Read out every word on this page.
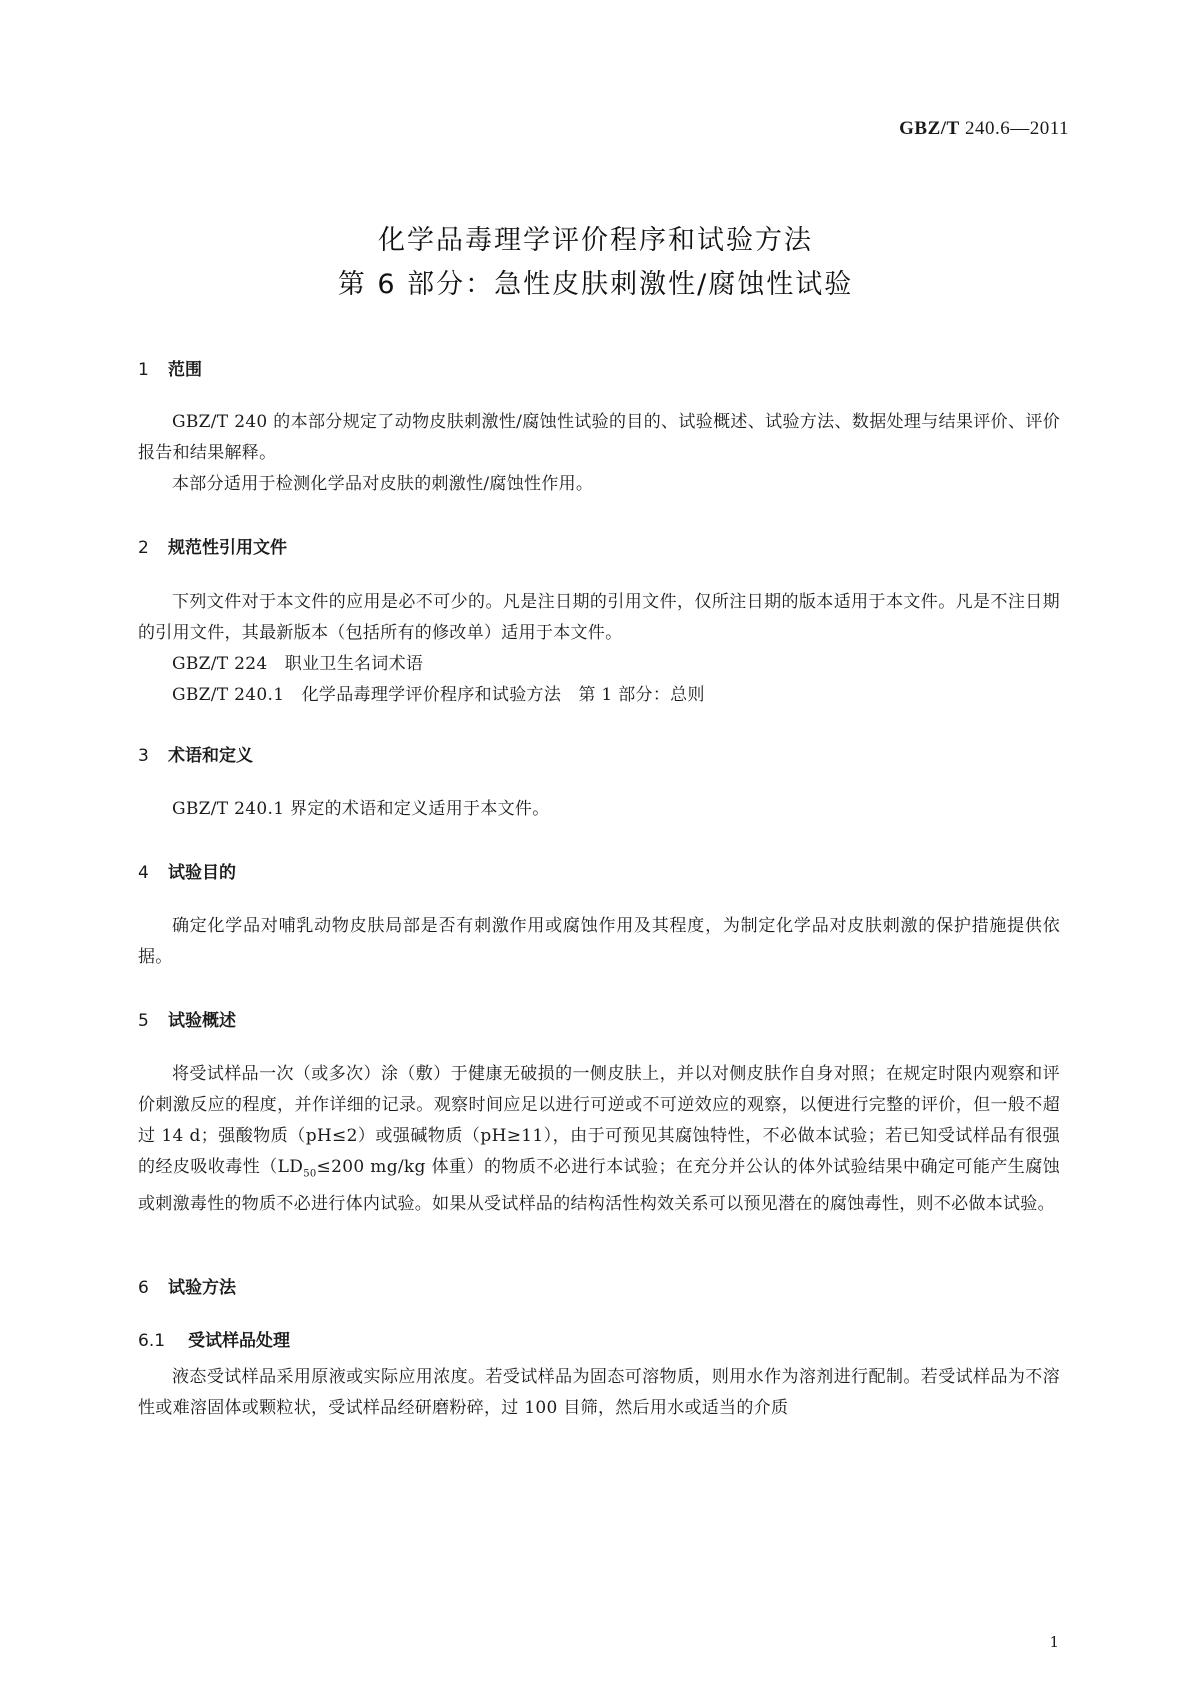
GBZ/T 240.6—2011
化学品毒理学评价程序和试验方法
第 6 部分：急性皮肤刺激性/腐蚀性试验
1 范围
GBZ/T 240 的本部分规定了动物皮肤刺激性/腐蚀性试验的目的、试验概述、试验方法、数据处理与结果评价、评价报告和结果解释。
本部分适用于检测化学品对皮肤的刺激性/腐蚀性作用。
2 规范性引用文件
下列文件对于本文件的应用是必不可少的。凡是注日期的引用文件，仅所注日期的版本适用于本文件。凡是不注日期的引用文件，其最新版本（包括所有的修改单）适用于本文件。
GBZ/T 224　职业卫生名词术语
GBZ/T 240.1　化学品毒理学评价程序和试验方法　第 1 部分：总则
3 术语和定义
GBZ/T 240.1 界定的术语和定义适用于本文件。
4 试验目的
确定化学品对哺乳动物皮肤局部是否有刺激作用或腐蚀作用及其程度，为制定化学品对皮肤刺激的保护措施提供依据。
5 试验概述
将受试样品一次（或多次）涂（敷）于健康无破损的一侧皮肤上，并以对侧皮肤作自身对照；在规定时限内观察和评价刺激反应的程度，并作详细的记录。观察时间应足以进行可逆或不可逆效应的观察，以便进行完整的评价，但一般不超过 14 d；强酸物质（pH≤2）或强碱物质（pH≥11），由于可预见其腐蚀特性，不必做本试验；若已知受试样品有很强的经皮吸收毒性（$LD_{50}\le 200$ mg/kg 体重）的物质不必进行本试验；在充分并公认的体外试验结果中确定可能产生腐蚀或刺激毒性的物质不必进行体内试验。如果从受试样品的结构活性构效关系可以预见潜在的腐蚀毒性，则不必做本试验。
6 试验方法
6.1 受试样品处理
液态受试样品采用原液或实际应用浓度。若受试样品为固态可溶物质，则用水作为溶剂进行配制。若受试样品为不溶性或难溶固体或颗粒状，受试样品经研磨粉碎，过 100 目筛，然后用水或适当的介质
1
